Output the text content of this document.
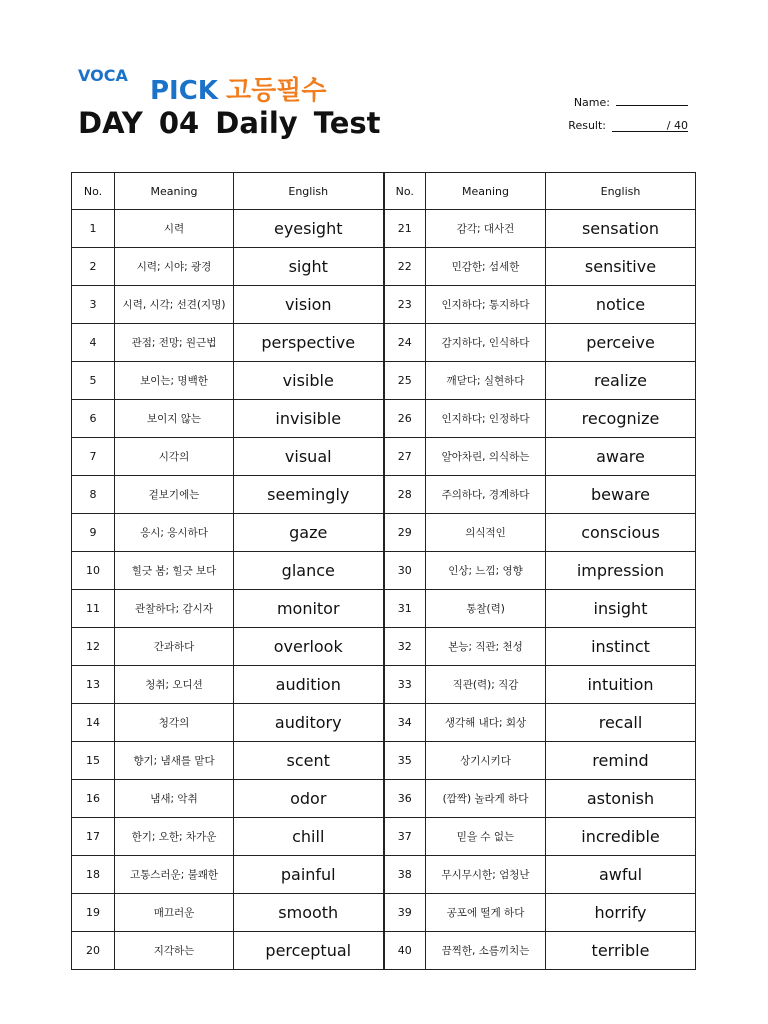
VOCA
PICK 고등필수
DAY 04 Daily Test
Name:
Result:	/ 40
No.	Meaning	English	No.	Meaning	English
1	시력	eyesight	21	감각; 대사건	sensation
2	시력; 시야; 광경	sight	22	민감한; 섬세한	sensitive
3	시력, 시각; 선견(지명)	vision	23	인지하다; 통지하다	notice
4	관점; 전망; 원근법	perspective	24	감지하다, 인식하다	perceive
5	보이는; 명백한	visible	25	깨닫다; 실현하다	realize
6	보이지 않는	invisible	26	인지하다; 인정하다	recognize
7	시각의	visual	27	알아차린, 의식하는	aware
8	겉보기에는	seemingly	28	주의하다, 경계하다	beware
9	응시; 응시하다	gaze	29	의식적인	conscious
10	힐긋 봄; 힐긋 보다	glance	30	인상; 느낌; 영향	impression
11	관찰하다; 감시자	monitor	31	통찰(력)	insight
12	간과하다	overlook	32	본능; 직관; 천성	instinct
13	청취; 오디션	audition	33	직관(력); 직감	intuition
14	청각의	auditory	34	생각해 내다; 회상	recall
15	향기; 냄새를 맡다	scent	35	상기시키다	remind
16	냄새; 악취	odor	36	(깜짝) 놀라게 하다	astonish
17	한기; 오한; 차가운	chill	37	믿을 수 없는	incredible
18	고통스러운; 불쾌한	painful	38	무시무시한; 엄청난	awful
19	매끄러운	smooth	39	공포에 떨게 하다	horrify
20	지각하는	perceptual	40	끔찍한, 소름끼치는	terrible
